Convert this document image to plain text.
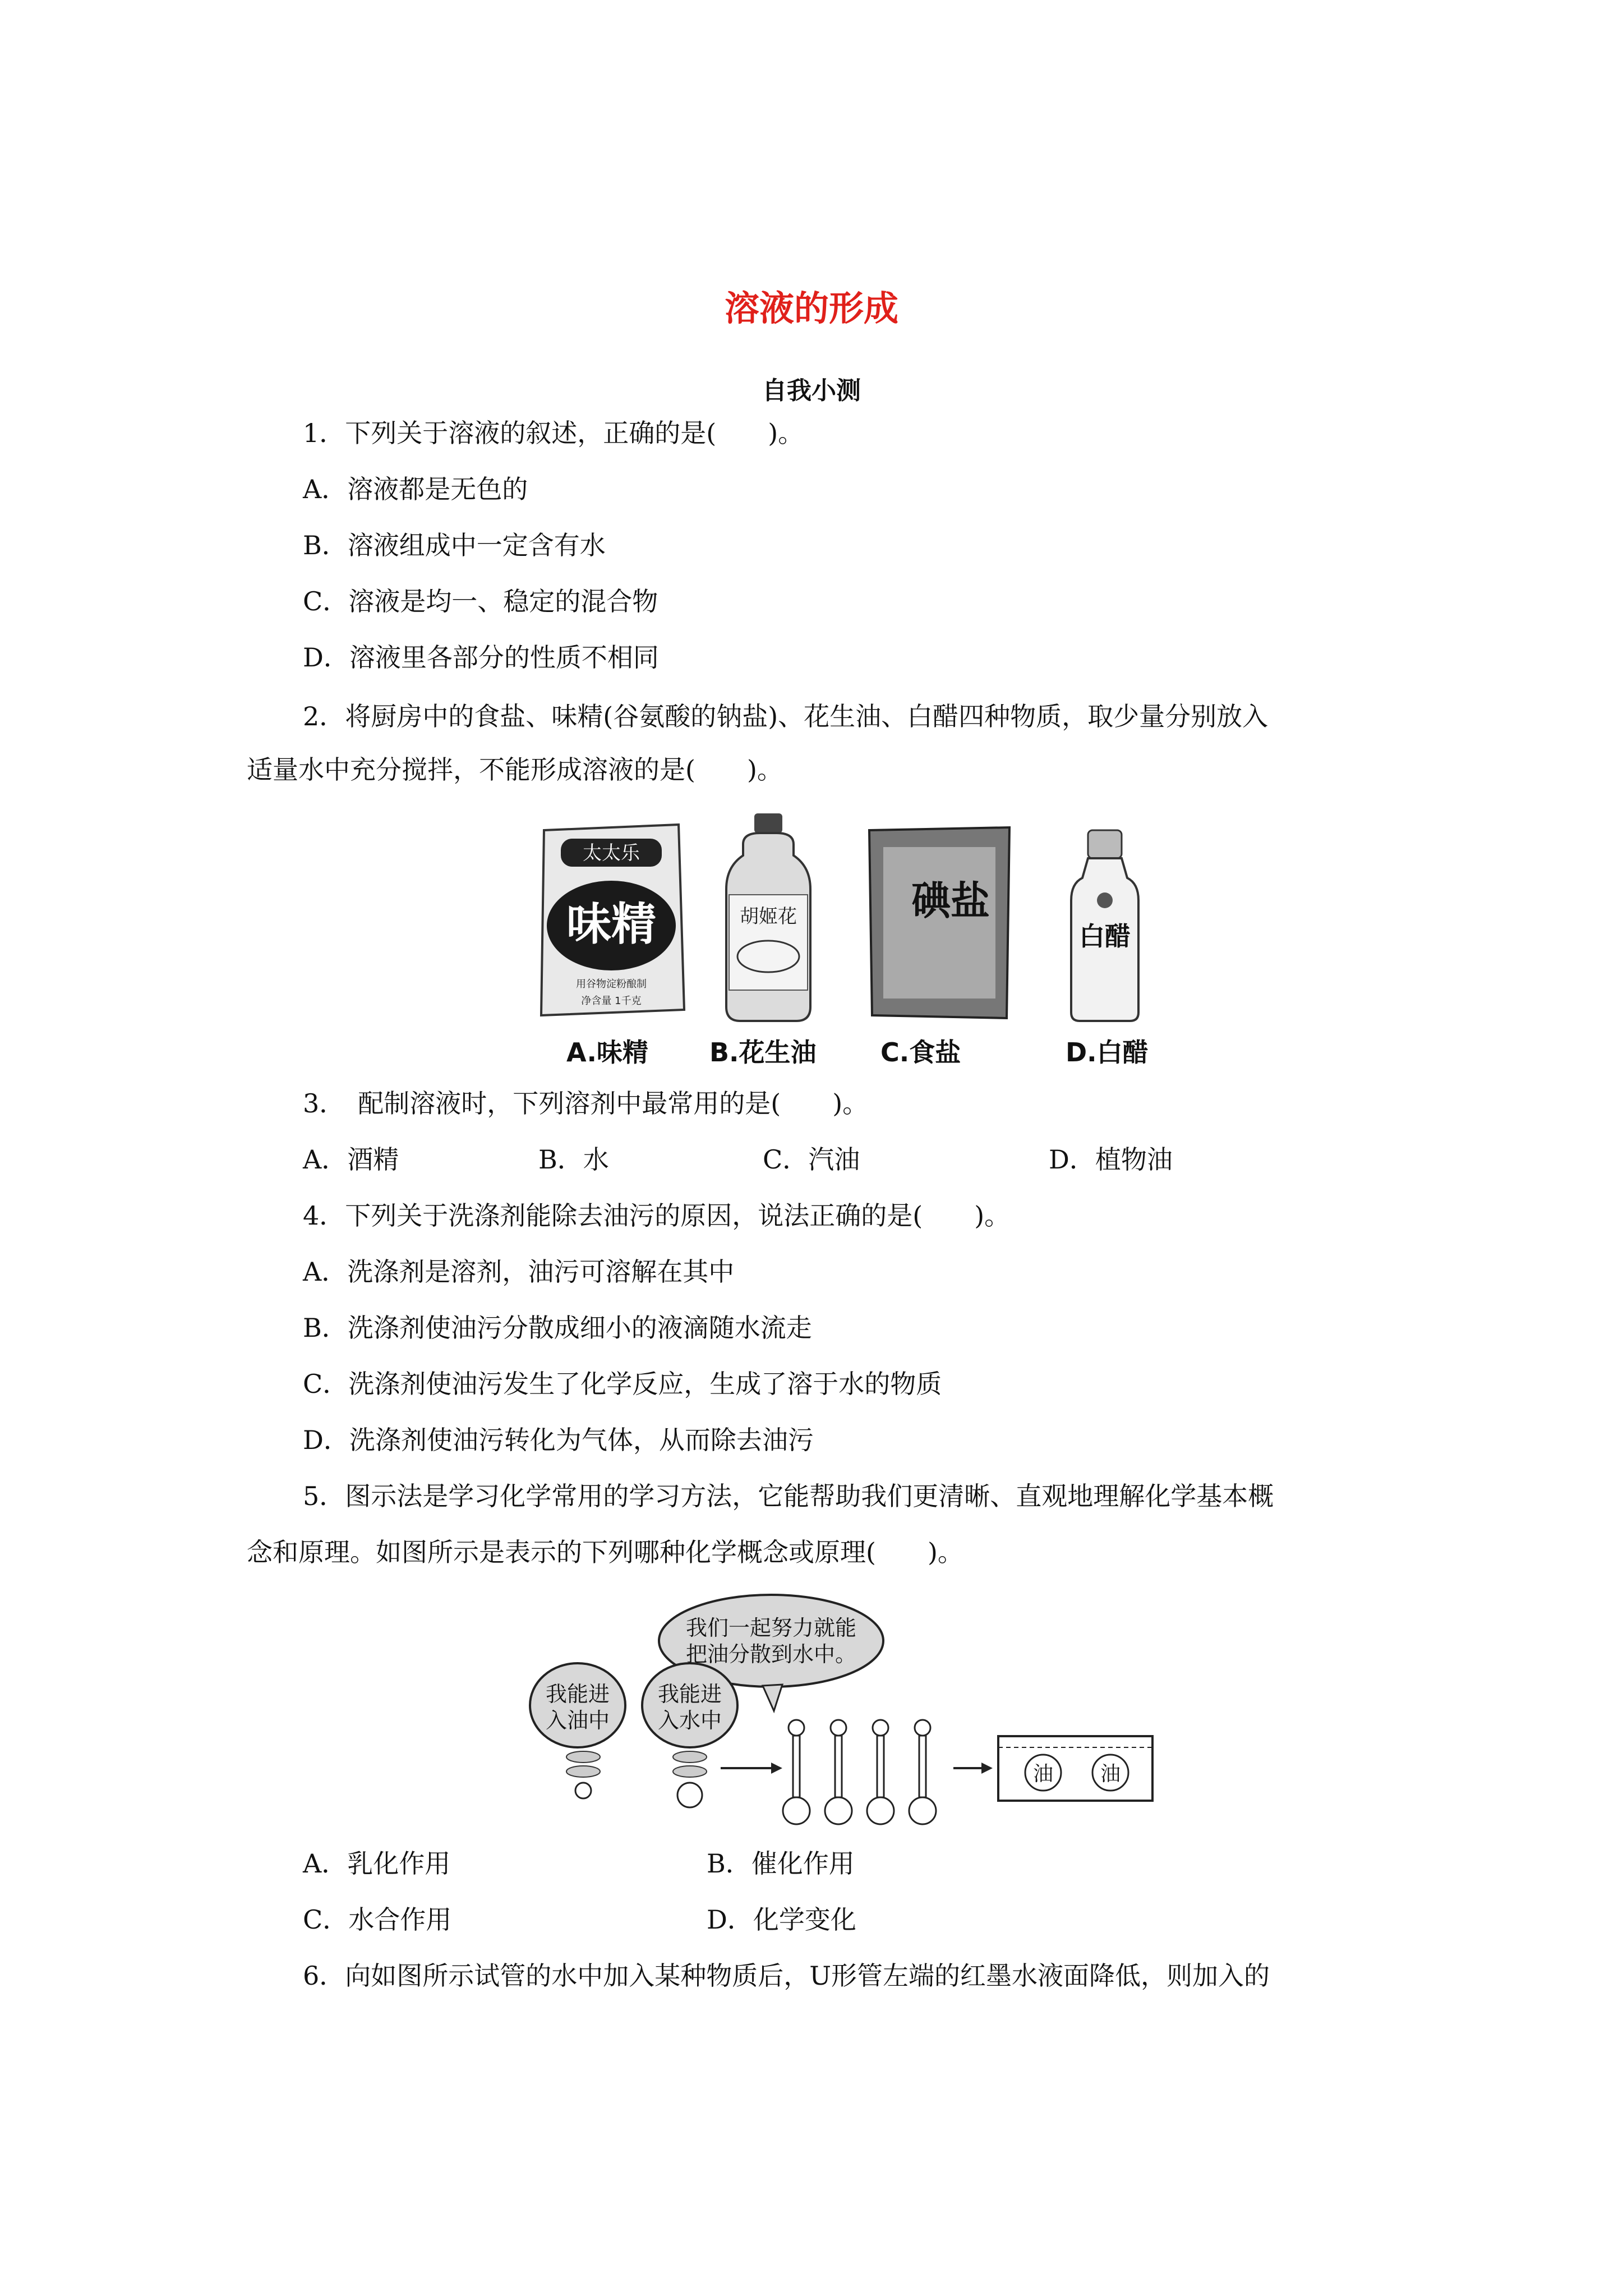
溶液的形成
自我小测
1．下列关于溶液的叙述，正确的是(　　)。
A．溶液都是无色的
B．溶液组成中一定含有水
C．溶液是均一、稳定的混合物
D．溶液里各部分的性质不相同
2．将厨房中的食盐、味精(谷氨酸的钠盐)、花生油、白醋四种物质，取少量分别放入
适量水中充分搅拌，不能形成溶液的是(　　)。
太太乐
味精
用谷物淀粉酿制
净含量 1千克
胡姬花	碘盐
白醋
A.味精 B.花生油 C.食盐	D.白醋
3．　配制溶液时，下列溶剂中最常用的是(　　)。
A．酒精	B．水	C．汽油	D．植物油
4．下列关于洗涤剂能除去油污的原因，说法正确的是(　　)。
A．洗涤剂是溶剂，油污可溶解在其中
B．洗涤剂使油污分散成细小的液滴随水流走
C．洗涤剂使油污发生了化学反应，生成了溶于水的物质
D．洗涤剂使油污转化为气体，从而除去油污
5．图示法是学习化学常用的学习方法，它能帮助我们更清晰、直观地理解化学基本概
念和原理。如图所示是表示的下列哪种化学概念或原理(　　)。
我们一起努力就能
把油分散到水中。
我能进
入油中
我能进
入水中
油 油
A．乳化作用	B．催化作用
C．水合作用	D．化学变化
6．向如图所示试管的水中加入某种物质后，U形管左端的红墨水液面降低，则加入的
